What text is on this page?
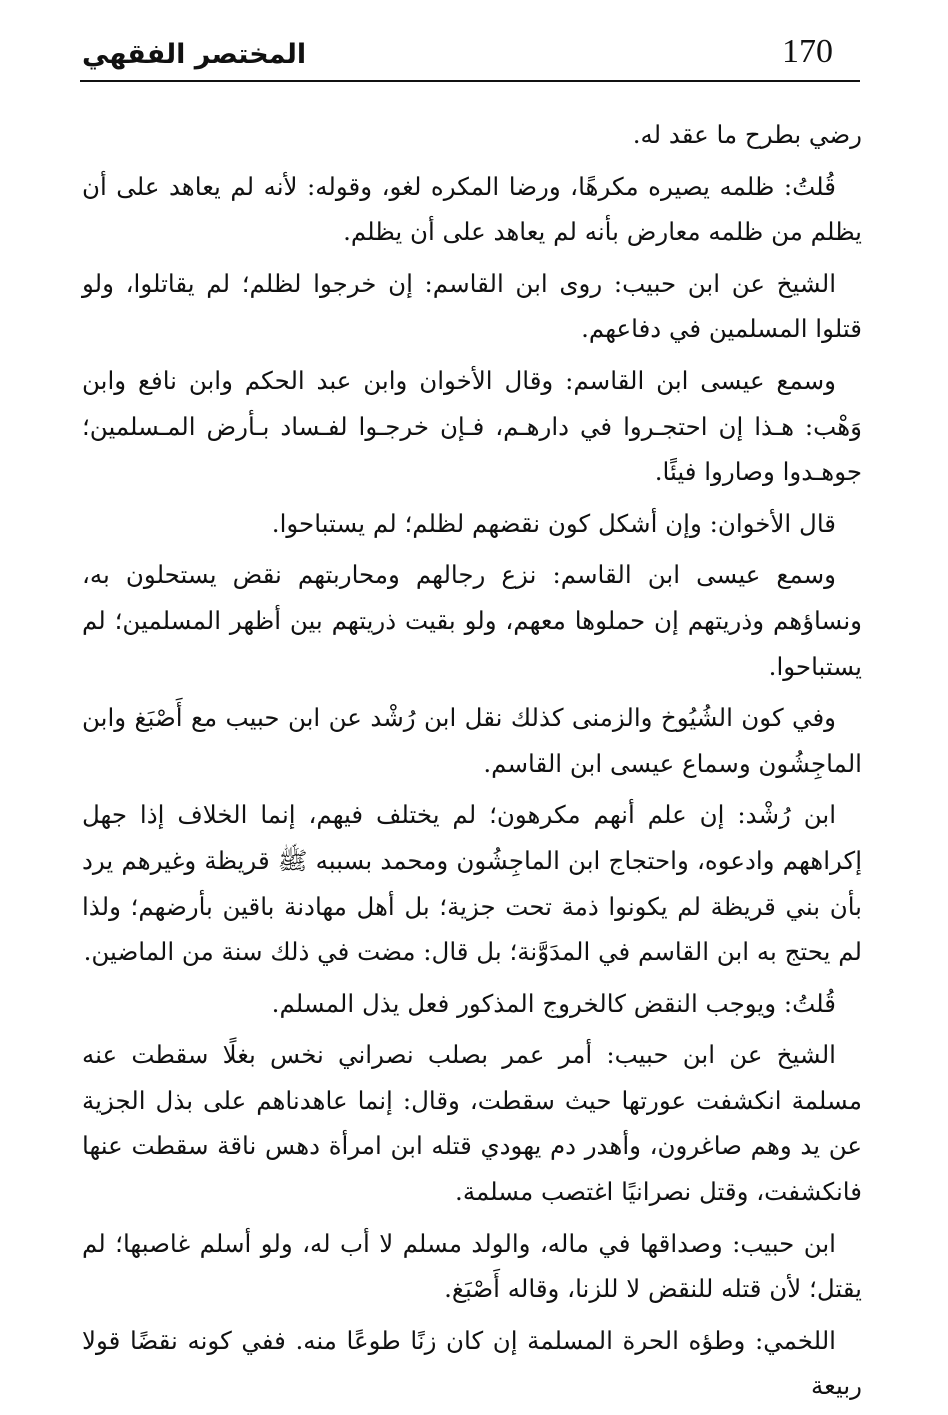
170
المختصر الفقهي

رضي بطرح ما عقد له.

قُلتُ: ظلمه يصيره مكرهًا، ورضا المكره لغو، وقوله: لأنه لم يعاهد على أن يظلم من ظلمه معارض بأنه لم يعاهد على أن يظلم.

الشيخ عن ابن حبيب: روى ابن القاسم: إن خرجوا لظلم؛ لم يقاتلوا، ولو قتلوا المسلمين في دفاعهم.

وسمع عيسى ابن القاسم: وقال الأخوان وابن عبد الحكم وابن نافع وابن وَهْب: هـذا إن احتجـروا في دارهـم، فـإن خرجـوا لفـساد بـأرض المـسلمين؛ جوهـدوا وصاروا فيئًا.

قال الأخوان: وإن أشكل كون نقضهم لظلم؛ لم يستباحوا.

وسمع عيسى ابن القاسم: نزع رجالهم ومحاربتهم نقض يستحلون به، ونساؤهم وذريتهم إن حملوها معهم، ولو بقيت ذريتهم بين أظهر المسلمين؛ لم يستباحوا.

وفي كون الشُيُوخ والزمنى كذلك نقل ابن رُشْد عن ابن حبيب مع أَصْبَغ وابن الماجِشُون وسماع عيسى ابن القاسم.

ابن رُشْد: إن علم أنهم مكرهون؛ لم يختلف فيهم، إنما الخلاف إذا جهل إكراههم وادعوه، واحتجاج ابن الماجِشُون ومحمد بسببه ﷺ قريظة وغيرهم يرد بأن بني قريظة لم يكونوا ذمة تحت جزية؛ بل أهل مهادنة باقين بأرضهم؛ ولذا لم يحتج به ابن القاسم في المدَوَّنة؛ بل قال: مضت في ذلك سنة من الماضين.

قُلتُ: ويوجب النقض كالخروج المذكور فعل يذل المسلم.

الشيخ عن ابن حبيب: أمر عمر بصلب نصراني نخس بغلًا سقطت عنه مسلمة انكشفت عورتها حيث سقطت، وقال: إنما عاهدناهم على بذل الجزية عن يد وهم صاغرون، وأهدر دم يهودي قتله ابن امرأة دهس ناقة سقطت عنها فانكشفت، وقتل نصرانيًا اغتصب مسلمة.

ابن حبيب: وصداقها في ماله، والولد مسلم لا أب له، ولو أسلم غاصبها؛ لم يقتل؛ لأن قتله للنقض لا للزنا، وقاله أَصْبَغ.

اللخمي: وطؤه الحرة المسلمة إن كان زنًا طوعًا منه. ففي كونه نقضًا قولا ربيعة
